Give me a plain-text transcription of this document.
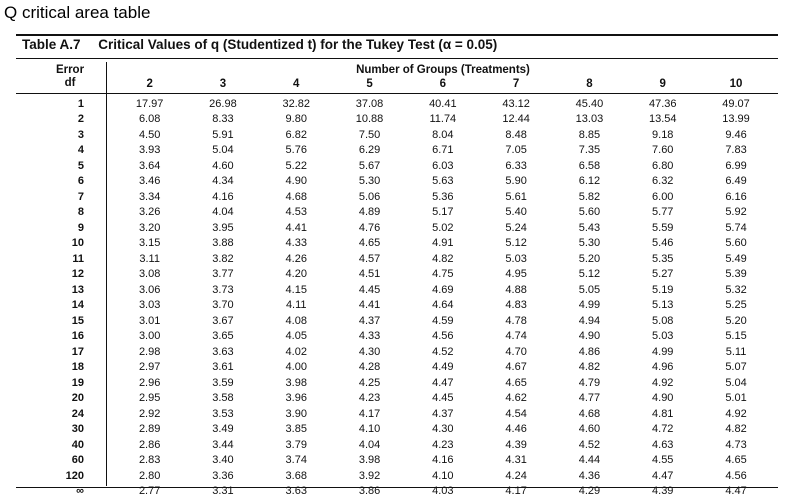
Q critical area table
Table A.7 Critical Values of q (Studentized t) for the Tukey Test (α = 0.05)
Error
df
Number of Groups (Treatments)
2	3	4	5	6	7	8	9	10
1	17.97	26.98	32.82	37.08	40.41	43.12	45.40	47.36	49.07
2	6.08	8.33	9.80	10.88	11.74	12.44	13.03	13.54	13.99
3	4.50	5.91	6.82	7.50	8.04	8.48	8.85	9.18	9.46
4	3.93	5.04	5.76	6.29	6.71	7.05	7.35	7.60	7.83
5	3.64	4.60	5.22	5.67	6.03	6.33	6.58	6.80	6.99
6	3.46	4.34	4.90	5.30	5.63	5.90	6.12	6.32	6.49
7	3.34	4.16	4.68	5.06	5.36	5.61	5.82	6.00	6.16
8	3.26	4.04	4.53	4.89	5.17	5.40	5.60	5.77	5.92
9	3.20	3.95	4.41	4.76	5.02	5.24	5.43	5.59	5.74
10	3.15	3.88	4.33	4.65	4.91	5.12	5.30	5.46	5.60
11	3.11	3.82	4.26	4.57	4.82	5.03	5.20	5.35	5.49
12	3.08	3.77	4.20	4.51	4.75	4.95	5.12	5.27	5.39
13	3.06	3.73	4.15	4.45	4.69	4.88	5.05	5.19	5.32
14	3.03	3.70	4.11	4.41	4.64	4.83	4.99	5.13	5.25
15	3.01	3.67	4.08	4.37	4.59	4.78	4.94	5.08	5.20
16	3.00	3.65	4.05	4.33	4.56	4.74	4.90	5.03	5.15
17	2.98	3.63	4.02	4.30	4.52	4.70	4.86	4.99	5.11
18	2.97	3.61	4.00	4.28	4.49	4.67	4.82	4.96	5.07
19	2.96	3.59	3.98	4.25	4.47	4.65	4.79	4.92	5.04
20	2.95	3.58	3.96	4.23	4.45	4.62	4.77	4.90	5.01
24	2.92	3.53	3.90	4.17	4.37	4.54	4.68	4.81	4.92
30	2.89	3.49	3.85	4.10	4.30	4.46	4.60	4.72	4.82
40	2.86	3.44	3.79	4.04	4.23	4.39	4.52	4.63	4.73
60	2.83	3.40	3.74	3.98	4.16	4.31	4.44	4.55	4.65
120	2.80	3.36	3.68	3.92	4.10	4.24	4.36	4.47	4.56
∞	2.77	3.31	3.63	3.86	4.03	4.17	4.29	4.39	4.47
